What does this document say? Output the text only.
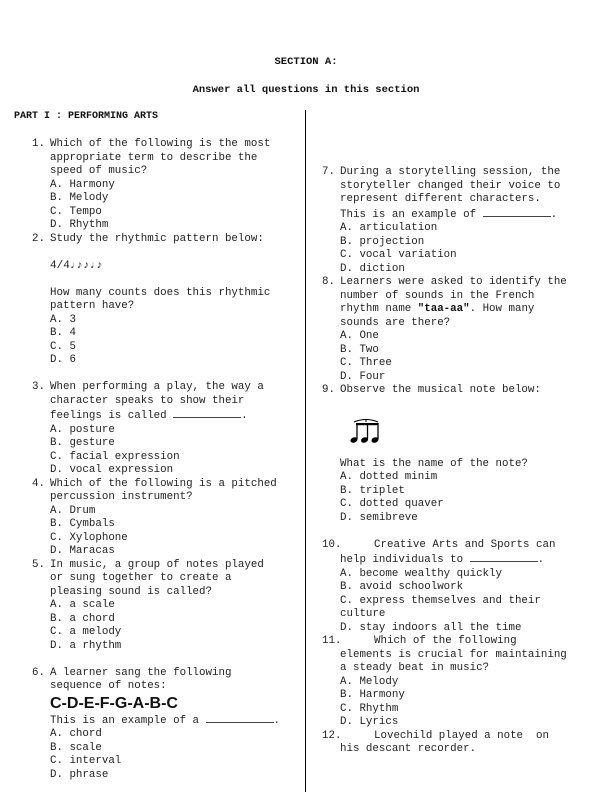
SECTION A:
Answer all questions in this section
PART I : PERFORMING ARTS
1. Which of the following is the most
appropriate term to describe the
speed of music?
A. Harmony
B. Melody
C. Tempo
D. Rhythm
2. Study the rhythmic pattern below:
4/4♩♪♪♩♪
How many counts does this rhythmic
pattern have?
A. 3
B. 4
C. 5
D. 6
3. When performing a play, the way a
character speaks to show their
feelings is called	.
A. posture
B. gesture
C. facial expression
D. vocal expression
4. Which of the following is a pitched
percussion instrument?
A. Drum
B. Cymbals
C. Xylophone
D. Maracas
5. In music, a group of notes played
or sung together to create a
pleasing sound is called?
A. a scale
B. a chord
C. a melody
D. a rhythm
6. A learner sang the following
sequence of notes:
C-D-E-F-G-A-B-C
This is an example of a	.
A. chord
B. scale
C. interval
D. phrase
7. During a storytelling session, the
storyteller changed their voice to
represent different characters.
This is an example of	.
A. articulation
B. projection
C. vocal variation
D. diction
8. Learners were asked to identify the
number of sounds in the French
rhythm name "taa-aa". How many
sounds are there?
A. One
B. Two
C. Three
D. Four
9. Observe the musical note below:
What is the name of the note?
A. dotted minim
B. triplet
C. dotted quaver
D. semibreve
10.	Creative Arts and Sports can
help individuals to	.
A. become wealthy quickly
B. avoid schoolwork
C. express themselves and their
culture
D. stay indoors all the time
11.	Which of the following
elements is crucial for maintaining
a steady beat in music?
A. Melody
B. Harmony
C. Rhythm
D. Lyrics
12.	Lovechild played a note  on
his descant recorder.
